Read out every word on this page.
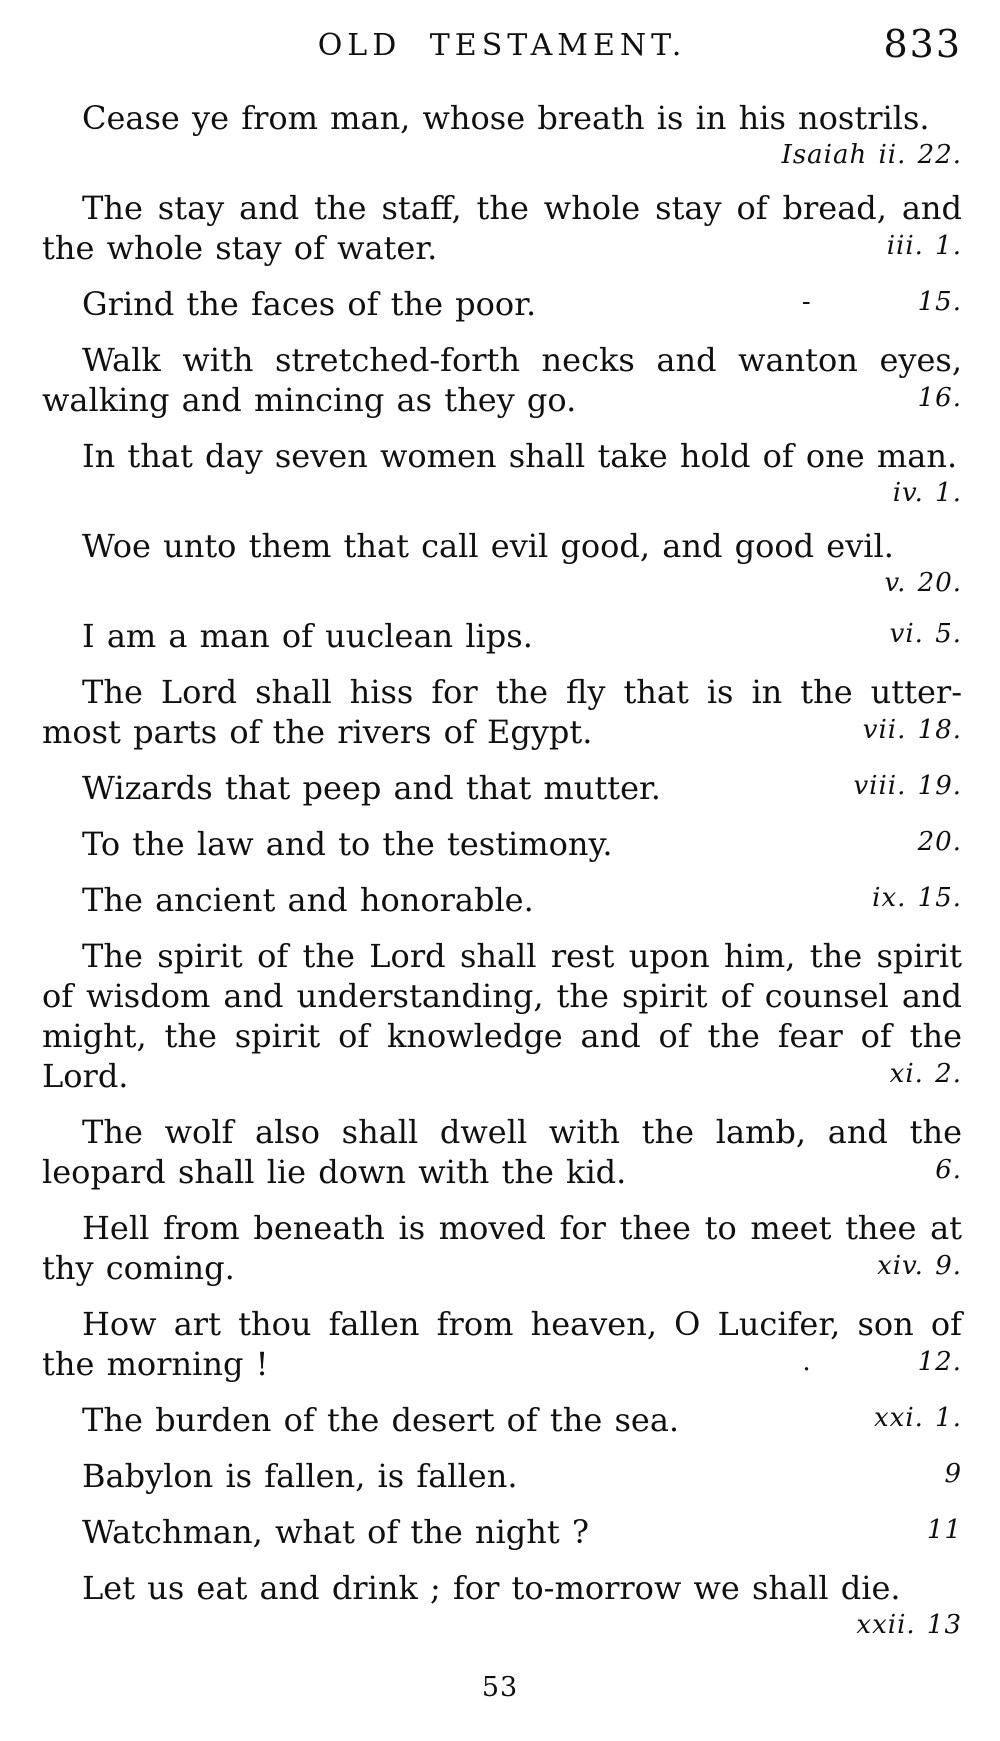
OLD TESTAMENT.	833
Cease ye from man, whose breath is in his nostrils.
Isaiah ii. 22.
The stay and the staff, the whole stay of bread, and
the whole stay of water.	iii. 1.
Grind the faces of the poor.	-	15.
Walk with stretched-forth necks and wanton eyes,
walking and mincing as they go.	16.
In that day seven women shall take hold of one man.
iv. 1.
Woe unto them that call evil good, and good evil.
v. 20.
I am a man of uuclean lips.	vi. 5.
The Lord shall hiss for the fly that is in the utter-
most parts of the rivers of Egypt.	vii. 18.
Wizards that peep and that mutter.	viii. 19.
To the law and to the testimony.	20.
The ancient and honorable.	ix. 15.
The spirit of the Lord shall rest upon him, the spirit
of wisdom and understanding, the spirit of counsel and
might, the spirit of knowledge and of the fear of the
Lord.	xi. 2.
The wolf also shall dwell with the lamb, and the
leopard shall lie down with the kid.	6.
Hell from beneath is moved for thee to meet thee at
thy coming.	xiv. 9.
How art thou fallen from heaven, O Lucifer, son of
the morning !	.	12.
The burden of the desert of the sea.	xxi. 1.
Babylon is fallen, is fallen.	9
Watchman, what of the night ?	11
Let us eat and drink ; for to-morrow we shall die.
xxii. 13
53
